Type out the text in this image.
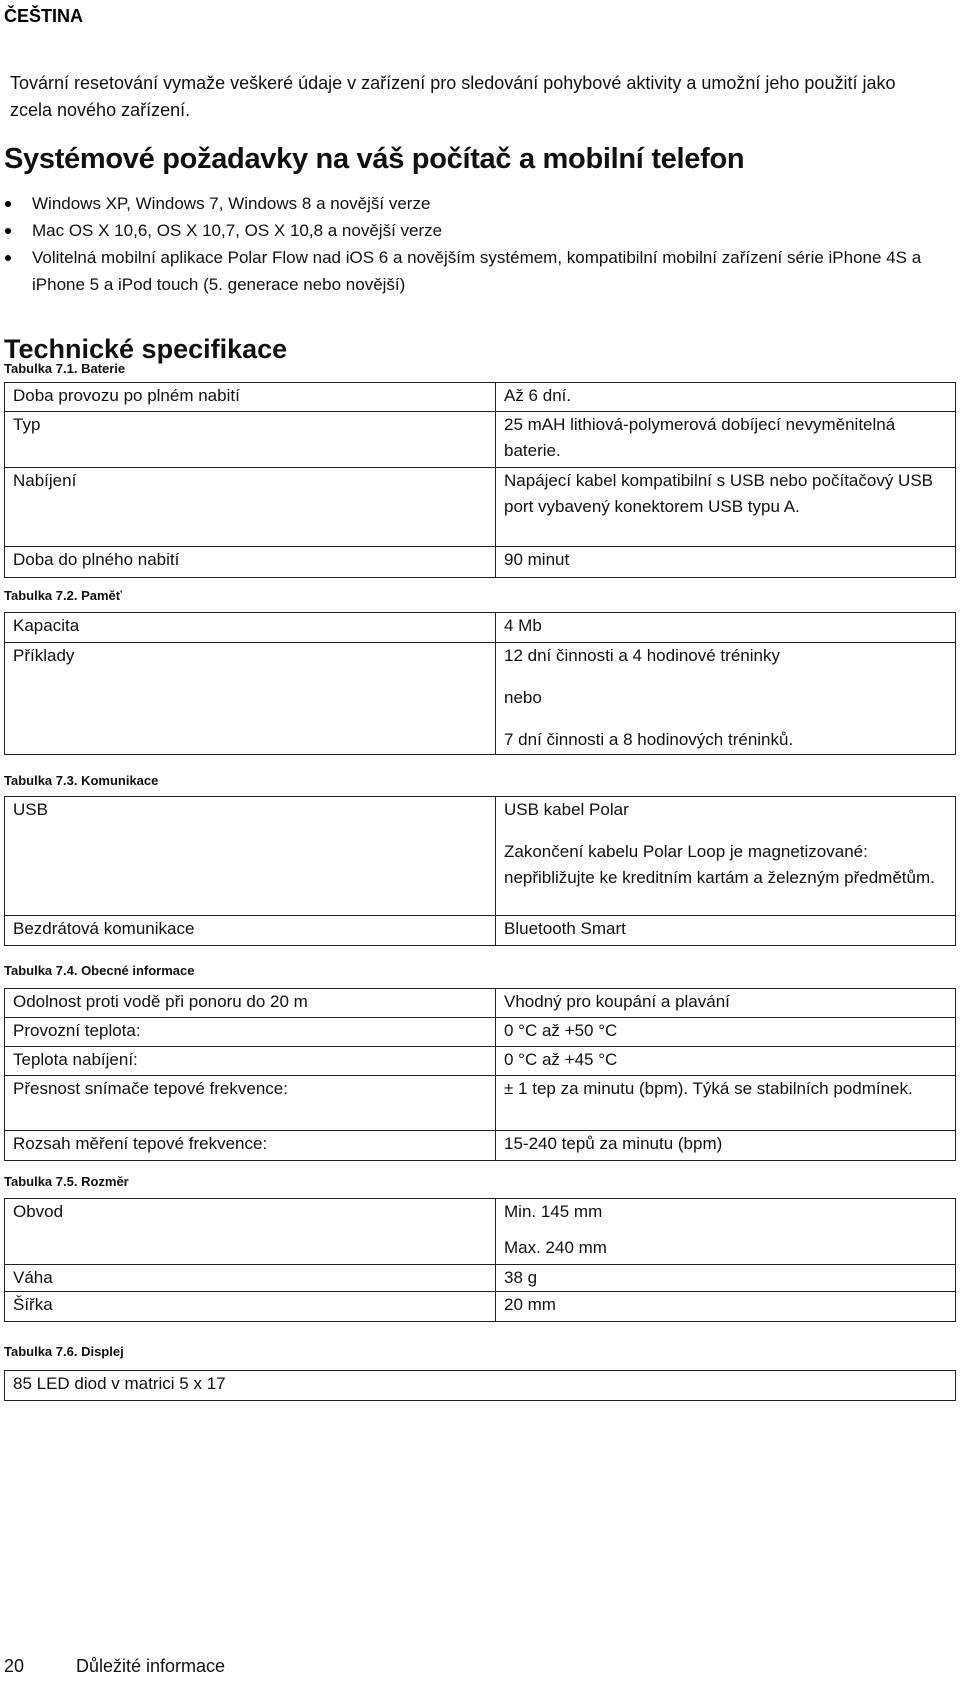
ČEŠTINA
Tovární resetování vymaže veškeré údaje v zařízení pro sledování pohybové aktivity a umožní jeho použití jako zcela nového zařízení.
Systémové požadavky na váš počítač a mobilní telefon
Windows XP, Windows 7, Windows 8 a novější verze
Mac OS X 10,6, OS X 10,7, OS X 10,8 a novější verze
Volitelná mobilní aplikace Polar Flow nad iOS 6 a novějším systémem, kompatibilní mobilní zařízení série iPhone 4S a iPhone 5 a iPod touch (5. generace nebo novější)
Technické specifikace
Tabulka 7.1. Baterie
Doba provozu po plném nabití	Až 6 dní.
Typ	25 mAH lithiová-polymerová dobíjecí nevyměnitelná baterie.
Nabíjení	Napájecí kabel kompatibilní s USB nebo počítačový USB port vybavený konektorem USB typu A.
Doba do plného nabití	90 minut
Tabulka 7.2. Paměť
Kapacita	4 Mb
Příklady	12 dní činnosti a 4 hodinové tréninky
nebo
7 dní činnosti a 8 hodinových tréninků.
Tabulka 7.3. Komunikace
USB	USB kabel Polar
Zakončení kabelu Polar Loop je magnetizované: nepřibližujte ke kreditním kartám a železným předmětům.

Bezdrátová komunikace	Bluetooth Smart
Tabulka 7.4. Obecné informace
Odolnost proti vodě při ponoru do 20 m	Vhodný pro koupání a plavání
Provozní teplota:	0 °C až +50 °C
Teplota nabíjení:	0 °C až +45 °C
Přesnost snímače tepové frekvence:	± 1 tep za minutu (bpm). Týká se stabilních podmínek.
Rozsah měření tepové frekvence:	15-240 tepů za minutu (bpm)
Tabulka 7.5. Rozměr
Obvod	Min. 145 mm
Max. 240 mm

Váha	38 g
Šířka	20 mm
Tabulka 7.6. Displej
85 LED diod v matrici 5 x 17
20	Důležité informace
